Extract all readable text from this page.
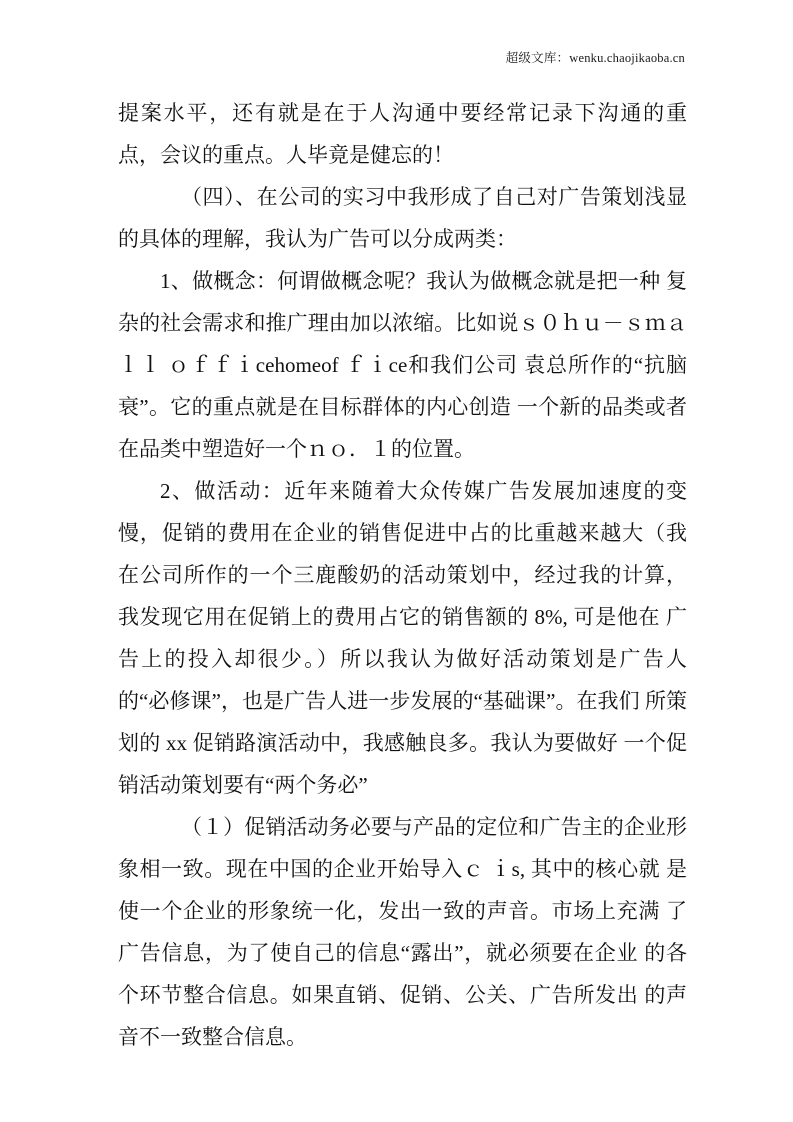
超级文库：wenku.chaojikaoba.cn

提案水平，还有就是在于人沟通中要经常记录下沟通的重 点，会议的重点。人毕竟是健忘的！

（四）、在公司的实习中我形成了自己对广告策划浅显 的具体的理解，我认为广告可以分成两类：

1、做概念：何谓做概念呢？我认为做概念就是把一种 复杂的社会需求和推广理由加以浓缩。比如说ｓ０ｈｕ－ｓｍａｌｌ ｏｆｆｉcehomeof ｆｉce和我们公司 袁总所作的“抗脑衰”。它的重点就是在目标群体的内心创造 一个新的品类或者在品类中塑造好一个ｎｏ．１的位置。

2、做活动：近年来随着大众传媒广告发展加速度的变 慢，促销的费用在企业的销售促进中占的比重越来越大（我 在公司所作的一个三鹿酸奶的活动策划中，经过我的计算， 我发现它用在促销上的费用占它的销售额的 8%, 可是他在 广告上的投入却很少。）所以我认为做好活动策划是广告人 的“必修课”，也是广告人进一步发展的“基础课”。在我们 所策划的 xx 促销路演活动中，我感触良多。我认为要做好 一个促销活动策划要有“两个务必”

（１）促销活动务必要与产品的定位和广告主的企业形 象相一致。现在中国的企业开始导入ｃ ｉs, 其中的核心就 是使一个企业的形象统一化，发出一致的声音。市场上充满 了广告信息，为了使自己的信息“露出”，就必须要在企业 的各个环节整合信息。如果直销、促销、公关、广告所发出 的声音不一致整合信息。
